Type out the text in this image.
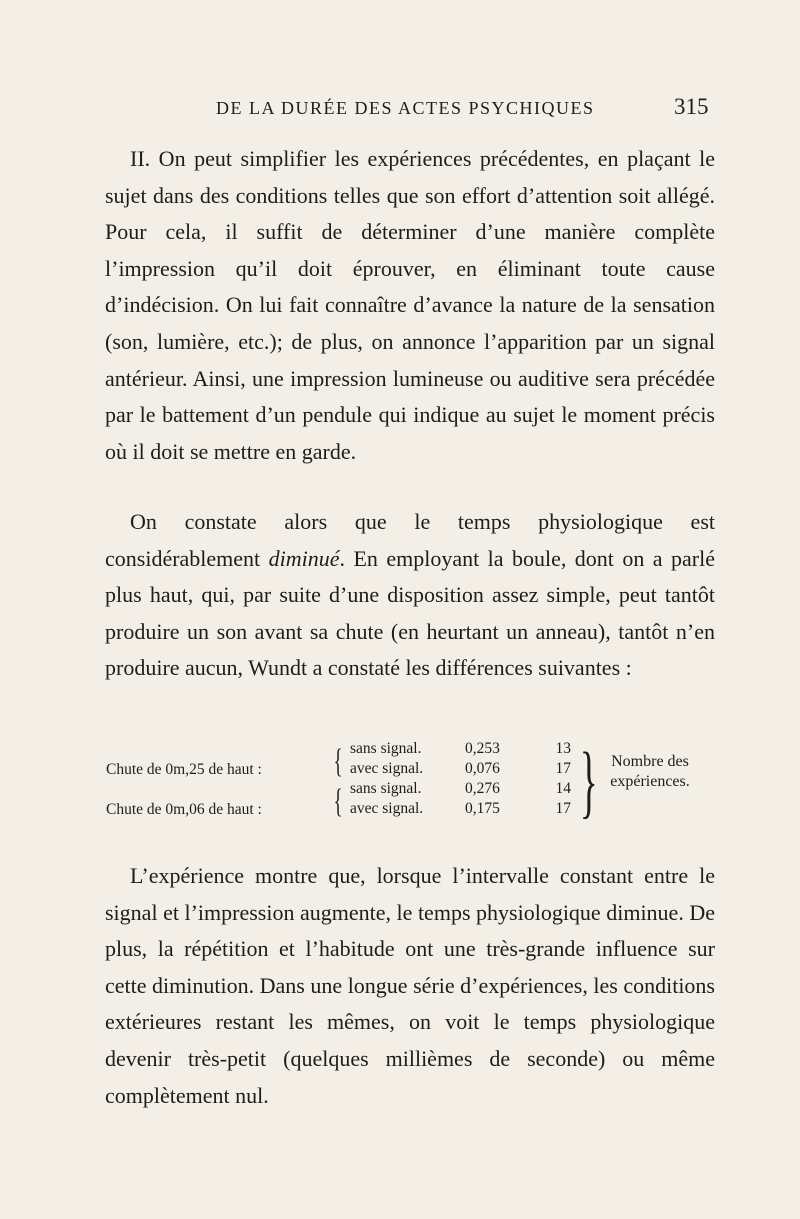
DE LA DURÉE DES ACTES PSYCHIQUES	315

II. On peut simplifier les expériences précédentes, en plaçant le sujet dans des conditions telles que son effort d’attention soit allégé. Pour cela, il suffit de déterminer d’une manière complète l’impression qu’il doit éprouver, en éliminant toute cause d’indécision. On lui fait connaître d’avance la nature de la sensation (son, lumière, etc.); de plus, on annonce l’apparition par un signal antérieur. Ainsi, une impression lumineuse ou auditive sera précédée par le battement d’un pendule qui indique au sujet le moment précis où il doit se mettre en garde.

On constate alors que le temps physiologique est considérablement diminué. En employant la boule, dont on a parlé plus haut, qui, par suite d’une disposition assez simple, peut tantôt produire un son avant sa chute (en heurtant un anneau), tantôt n’en produire aucun, Wundt a constaté les différences suivantes :

Chute de 0m,25 de haut : { sans signal.	0,253	13
avec signal.	0,076	17
Chute de 0m,06 de haut : { sans signal.	0,276	14
avec signal.	0,175	17 } Nombre des expériences.

L’expérience montre que, lorsque l’intervalle constant entre le signal et l’impression augmente, le temps physiologique diminue. De plus, la répétition et l’habitude ont une très-grande influence sur cette diminution. Dans une longue série d’expériences, les conditions extérieures restant les mêmes, on voit le temps physiologique devenir très-petit (quelques millièmes de seconde) ou même complètement nul.
